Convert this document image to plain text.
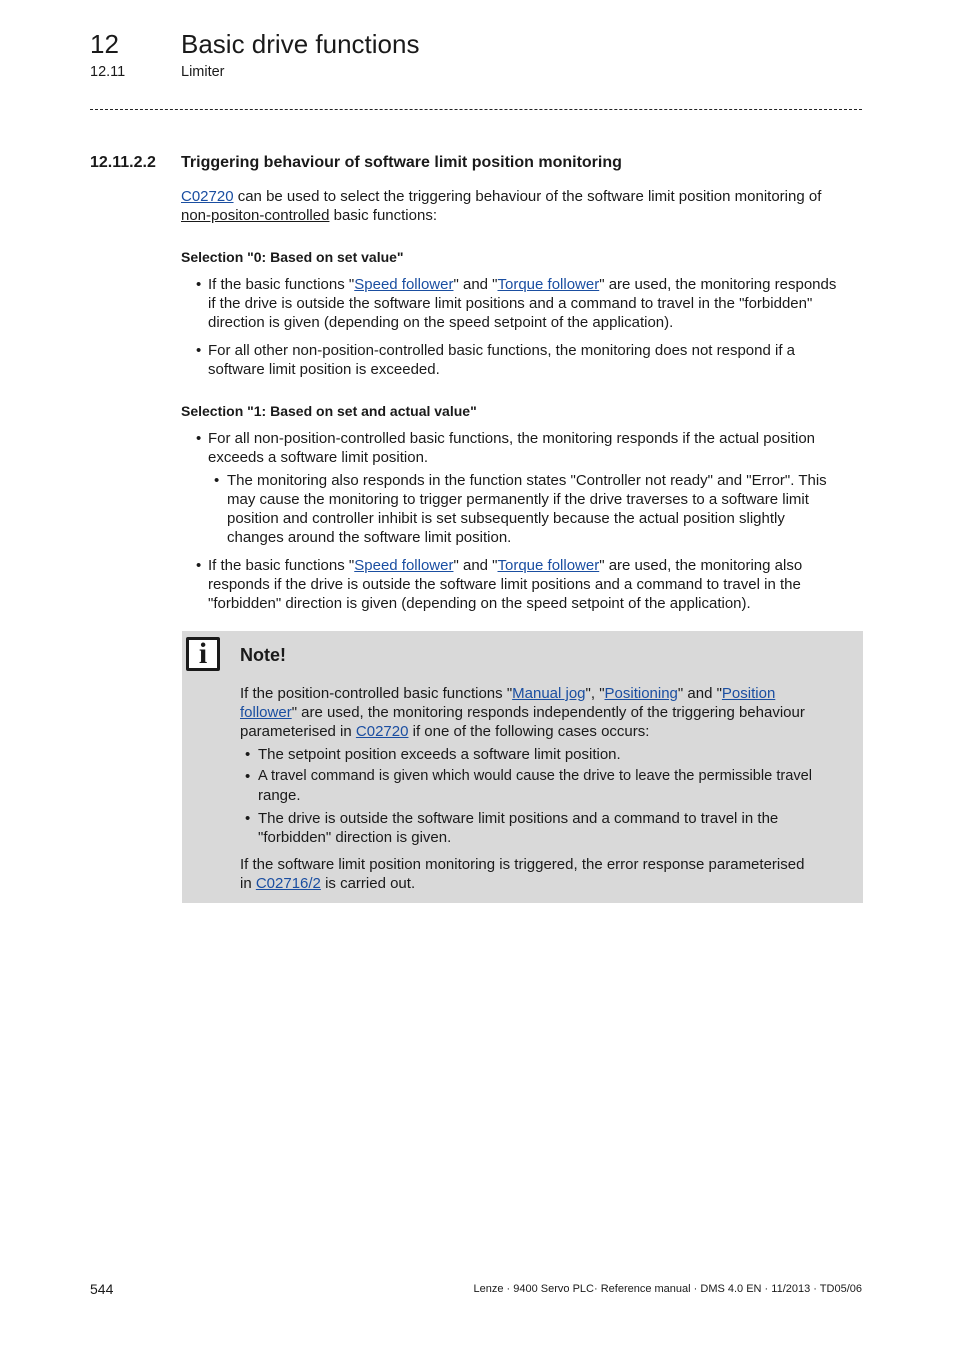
12 Basic drive functions
12.11	Limiter
12.11.2.2 Triggering behaviour of software limit position monitoring
C02720 can be used to select the triggering behaviour of the software limit position monitoring of
non-positon-controlled basic functions:
Selection "0: Based on set value"
• If the basic functions "Speed follower" and "Torque follower" are used, the monitoring responds
if the drive is outside the software limit positions and a command to travel in the "forbidden"
direction is given (depending on the speed setpoint of the application).
• For all other non-position-controlled basic functions, the monitoring does not respond if a
software limit position is exceeded.
Selection "1: Based on set and actual value"
• For all non-position-controlled basic functions, the monitoring responds if the actual position
exceeds a software limit position.
• The monitoring also responds in the function states "Controller not ready" and "Error". This
may cause the monitoring to trigger permanently if the drive traverses to a software limit
position and controller inhibit is set subsequently because the actual position slightly
changes around the software limit position.
• If the basic functions "Speed follower" and "Torque follower" are used, the monitoring also
responds if the drive is outside the software limit positions and a command to travel in the
"forbidden" direction is given (depending on the speed setpoint of the application).
i	Note!
If the position-controlled basic functions "Manual jog", "Positioning" and "Position
follower" are used, the monitoring responds independently of the triggering behaviour
parameterised in C02720 if one of the following cases occurs:
• The setpoint position exceeds a software limit position.
• A travel command is given which would cause the drive to leave the permissible travel
range.
• The drive is outside the software limit positions and a command to travel in the
"forbidden" direction is given.
If the software limit position monitoring is triggered, the error response parameterised
in C02716/2 is carried out.
544	Lenze · 9400 Servo PLC· Reference manual · DMS 4.0 EN · 11/2013 · TD05/06
